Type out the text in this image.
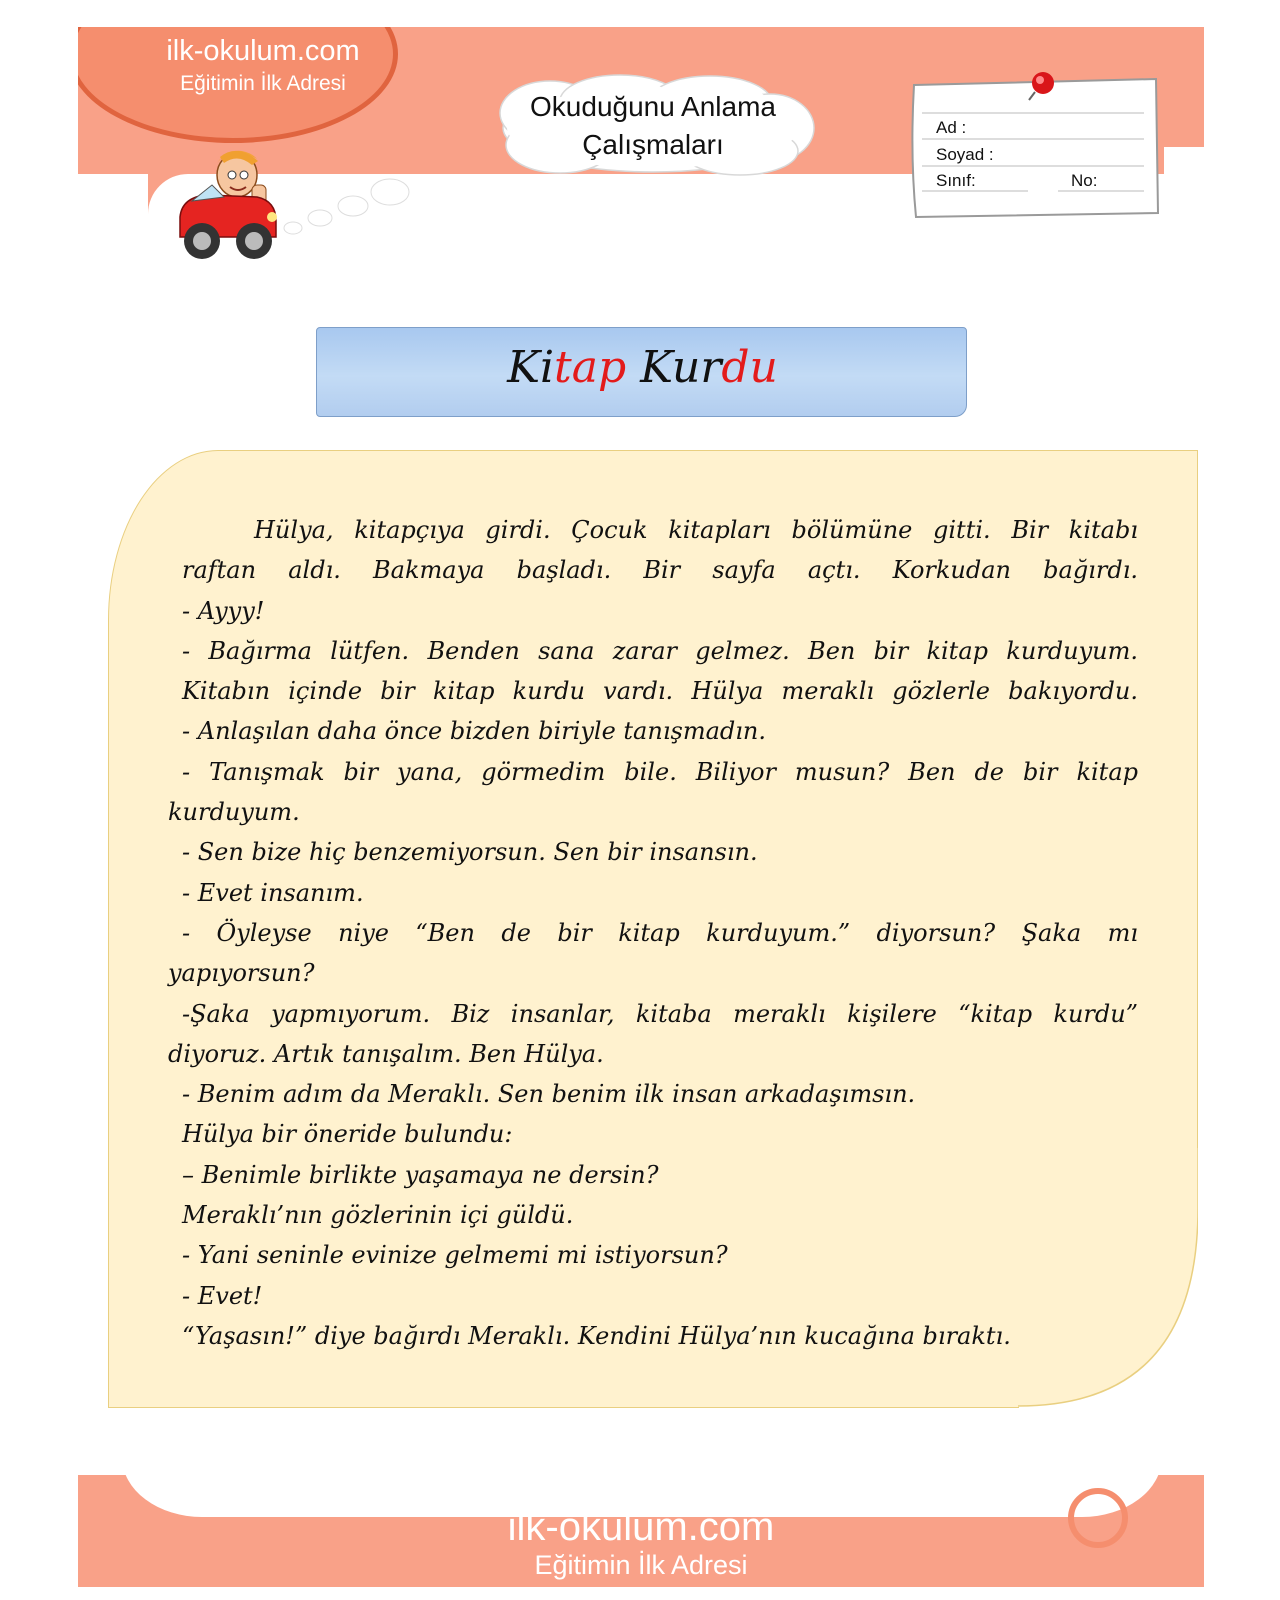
ilk-okulum.com
Eğitimin İlk Adresi
Okuduğunu Anlama
Çalışmaları
Ad :
Soyad :
Sınıf:	No:
Kitap Kurdu

Hülya, kitapçıya girdi. Çocuk kitapları bölümüne gitti. Bir kitabı

raftan aldı. Bakmaya başladı. Bir sayfa açtı. Korkudan bağırdı.

- Ayyy!

- Bağırma lütfen. Benden sana zarar gelmez. Ben bir kitap kurduyum.

Kitabın içinde bir kitap kurdu vardı. Hülya meraklı gözlerle bakıyordu.

- Anlaşılan daha önce bizden biriyle tanışmadın.

- Tanışmak bir yana, görmedim bile. Biliyor musun? Ben de bir kitap

kurduyum.

- Sen bize hiç benzemiyorsun. Sen bir insansın.

- Evet insanım.

- Öyleyse niye “Ben de bir kitap kurduyum.” diyorsun? Şaka mı

yapıyorsun?

-Şaka yapmıyorum. Biz insanlar, kitaba meraklı kişilere “kitap kurdu”

diyoruz. Artık tanışalım. Ben Hülya.

- Benim adım da Meraklı. Sen benim ilk insan arkadaşımsın.

Hülya bir öneride bulundu:

– Benimle birlikte yaşamaya ne dersin?

Meraklı’nın gözlerinin içi güldü.

- Yani seninle evinize gelmemi mi istiyorsun?

- Evet!

“Yaşasın!” diye bağırdı Meraklı. Kendini Hülya’nın kucağına bıraktı.

ilk-okulum.com
Eğitimin İlk Adresi
